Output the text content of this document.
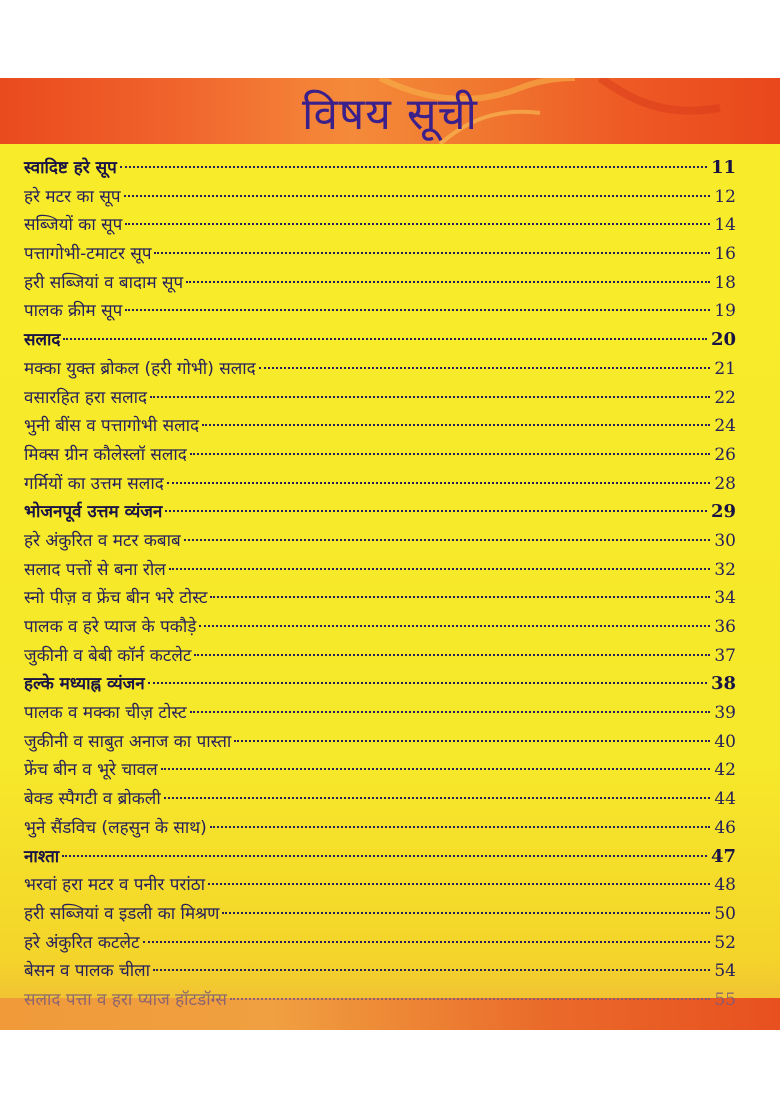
विषय सूची
स्वादिष्ट हरे सूप	11
हरे मटर का सूप	12
सब्जियों का सूप	14
पत्तागोभी-टमाटर सूप	16
हरी सब्जियां व बादाम सूप	18
पालक क्रीम सूप	19
सलाद	20
मक्का युक्त ब्रोकल (हरी गोभी) सलाद	21
वसारहित हरा सलाद	22
भुनी बींस व पत्तागोभी सलाद	24
मिक्स ग्रीन कौलेस्लॉ सलाद	26
गर्मियों का उत्तम सलाद	28
भोजनपूर्व उत्तम व्यंजन	29
हरे अंकुरित व मटर कबाब	30
सलाद पत्तों से बना रोल	32
स्नो पीज़ व फ्रेंच बीन भरे टोस्ट	34
पालक व हरे प्याज के पकौड़े	36
जुकीनी व बेबी कॉर्न कटलेट	37
हल्के मध्याह्न व्यंजन	38
पालक व मक्का चीज़ टोस्ट	39
जुकीनी व साबुत अनाज का पास्ता	40
फ्रेंच बीन व भूरे चावल	42
बेक्ड स्पैगटी व ब्रोकली	44
भुने सैंडविच (लहसुन के साथ)	46
नाश्ता	47
भरवां हरा मटर व पनीर परांठा	48
हरी सब्जियां व इडली का मिश्रण	50
हरे अंकुरित कटलेट	52
बेसन व पालक चीला	54
सलाद पत्ता व हरा प्याज हॉटडॉग्स	55
